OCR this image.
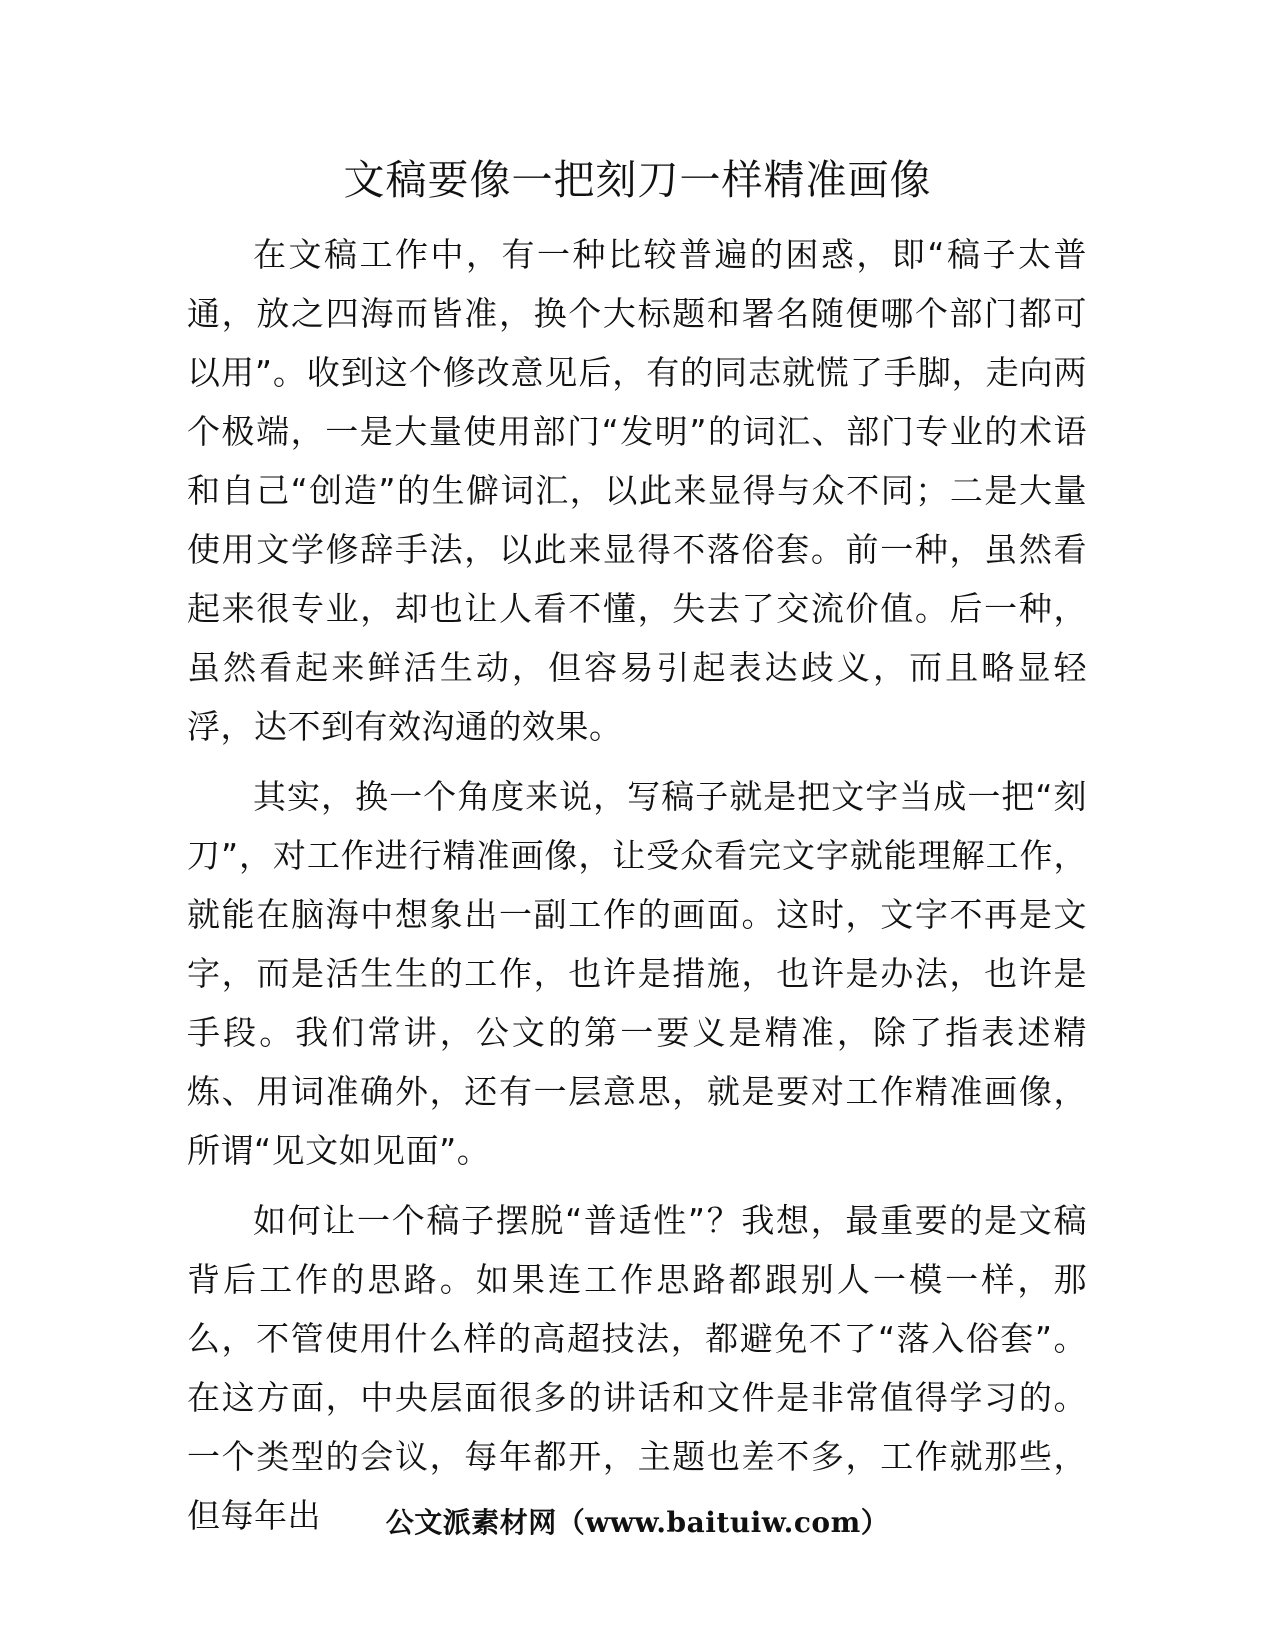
文稿要像一把刻刀一样精准画像

在文稿工作中，有一种比较普遍的困惑，即“稿子太普通，放之四海而皆准，换个大标题和署名随便哪个部门都可以用”。收到这个修改意见后，有的同志就慌了手脚，走向两个极端，一是大量使用部门“发明”的词汇、部门专业的术语和自己“创造”的生僻词汇，以此来显得与众不同；二是大量使用文学修辞手法，以此来显得不落俗套。前一种，虽然看起来很专业，却也让人看不懂，失去了交流价值。后一种，虽然看起来鲜活生动，但容易引起表达歧义，而且略显轻浮，达不到有效沟通的效果。

其实，换一个角度来说，写稿子就是把文字当成一把“刻刀”，对工作进行精准画像，让受众看完文字就能理解工作，就能在脑海中想象出一副工作的画面。这时，文字不再是文字，而是活生生的工作，也许是措施，也许是办法，也许是手段。我们常讲，公文的第一要义是精准，除了指表述精炼、用词准确外，还有一层意思，就是要对工作精准画像，所谓“见文如见面”。

如何让一个稿子摆脱“普适性”？我想，最重要的是文稿背后工作的思路。如果连工作思路都跟别人一模一样，那么，不管使用什么样的高超技法，都避免不了“落入俗套”。在这方面，中央层面很多的讲话和文件是非常值得学习的。一个类型的会议，每年都开，主题也差不多，工作就那些，但每年出	公文派素材网（www.baituiw.com）
